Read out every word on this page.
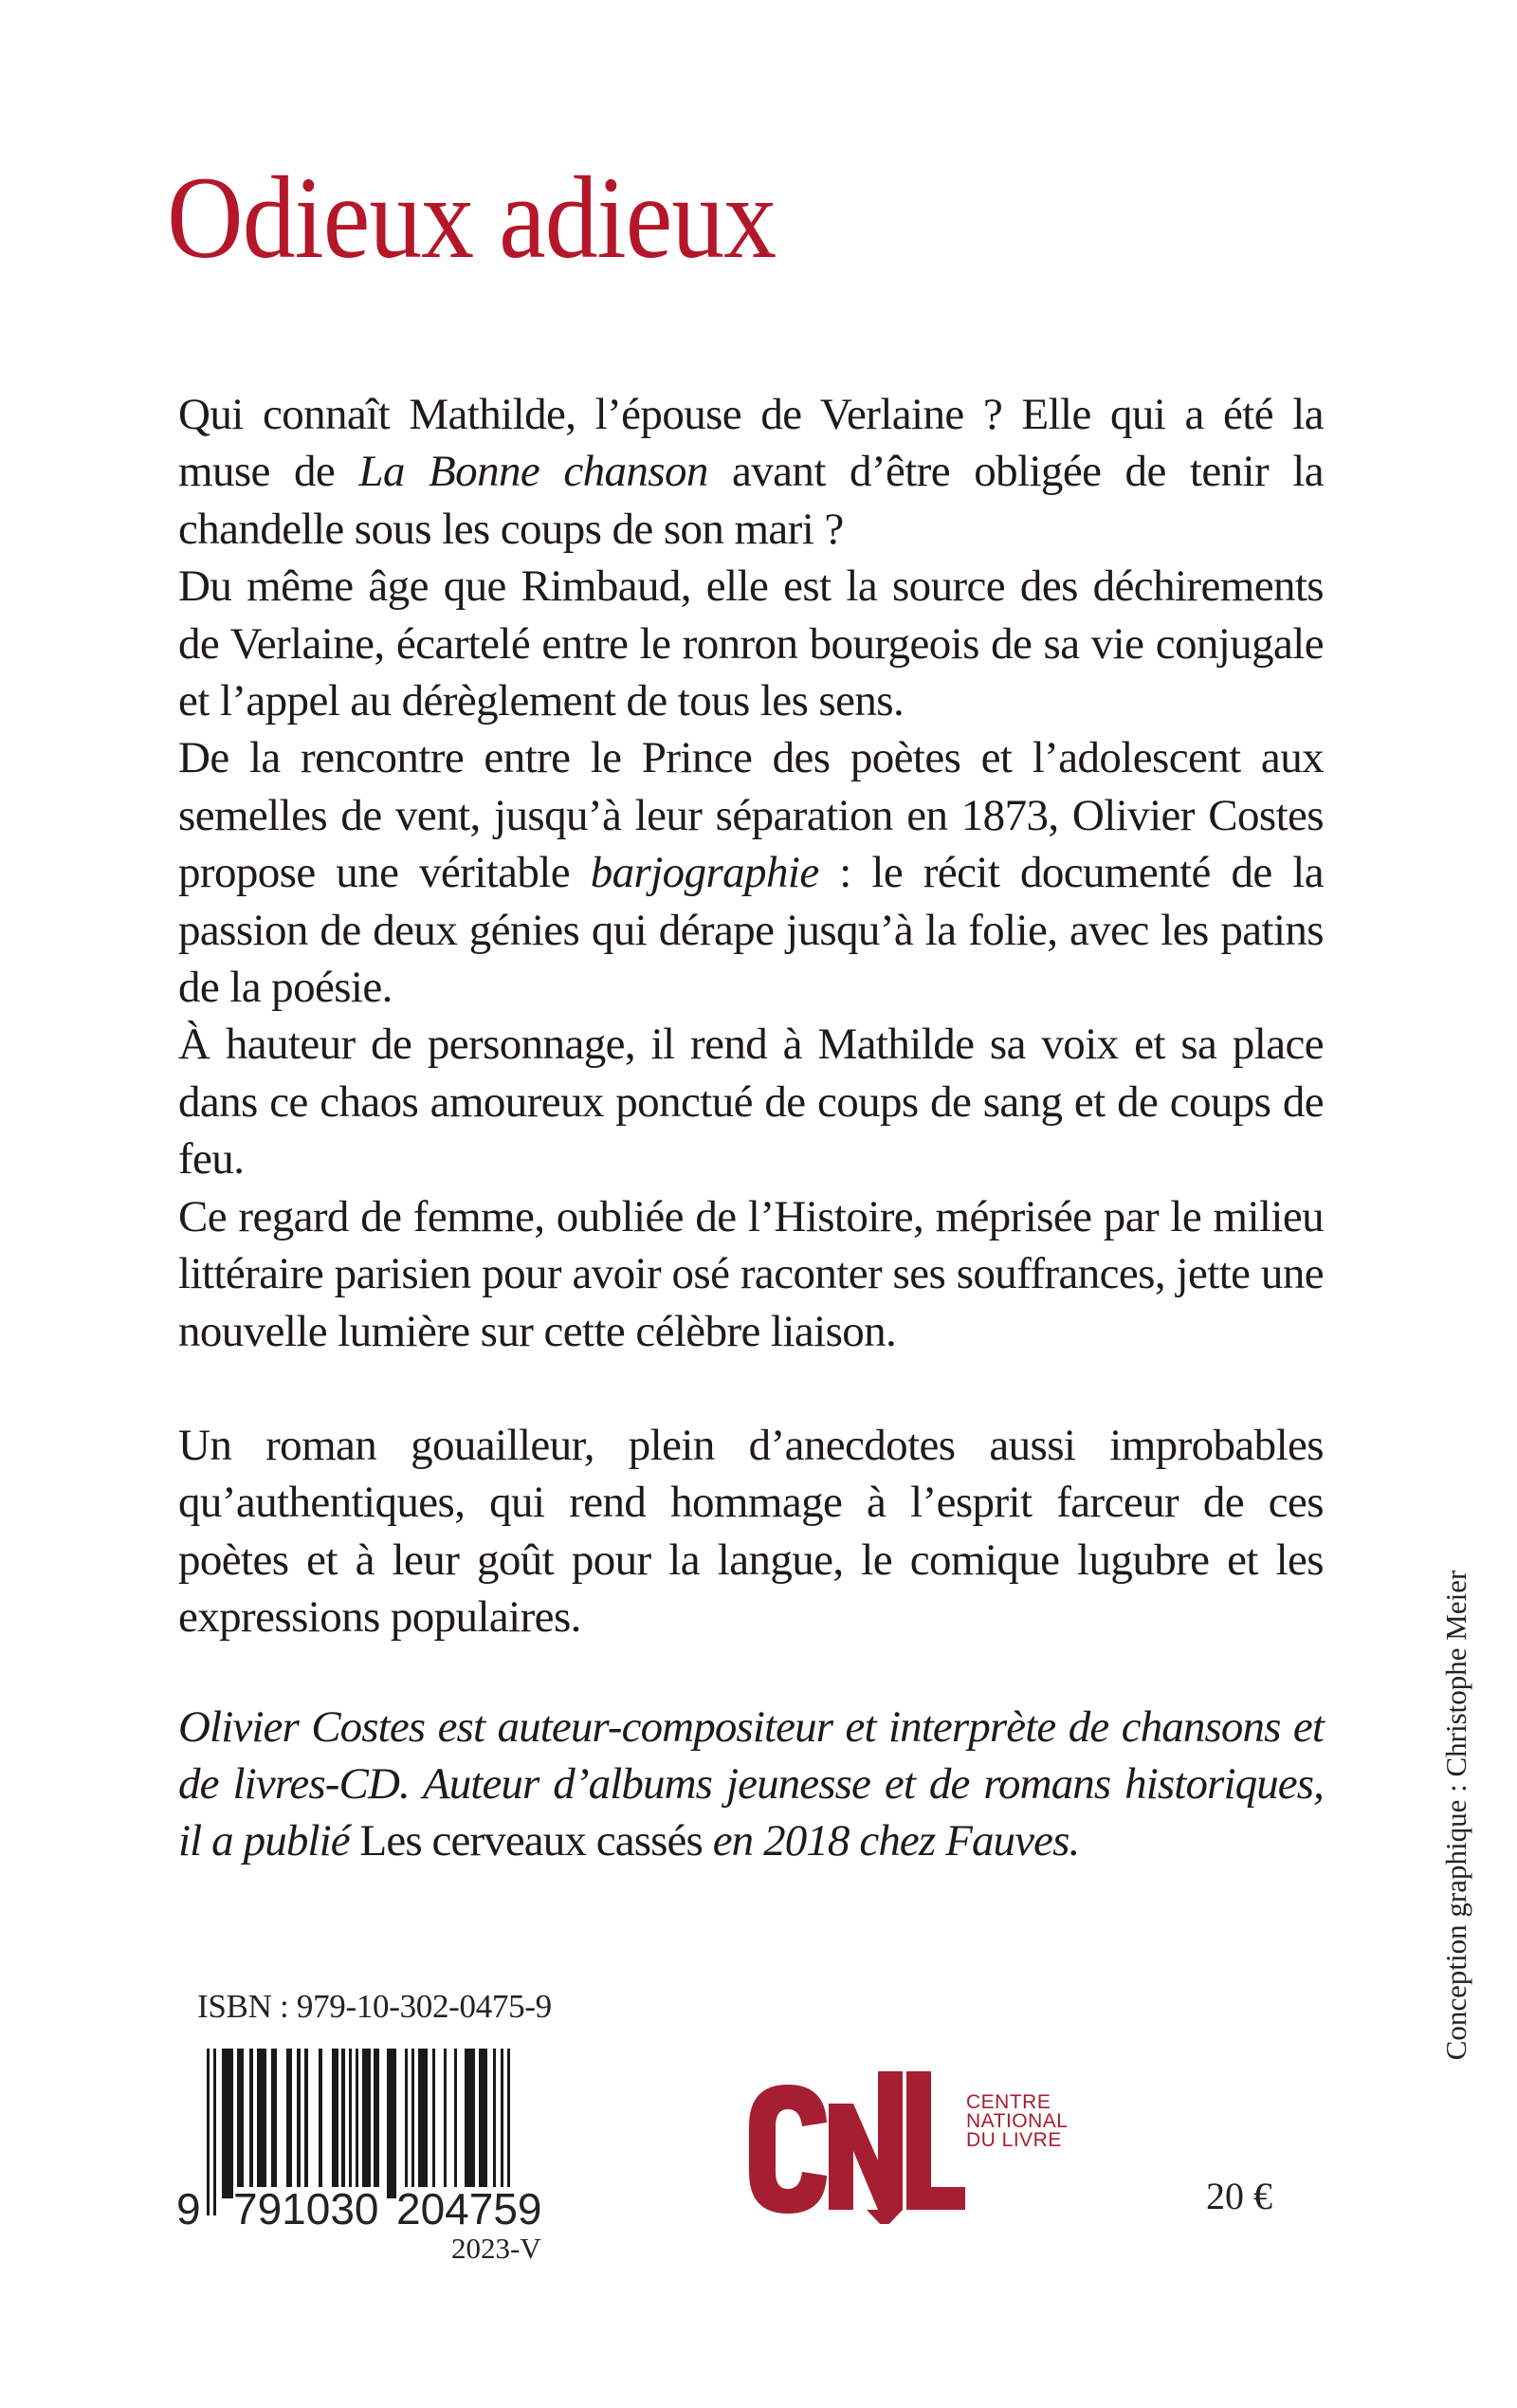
Odieux adieux

Qui connaît Mathilde, l’épouse de Verlaine ? Elle qui a été la muse de La Bonne chanson avant d’être obligée de tenir la chandelle sous les coups de son mari ?

Du même âge que Rimbaud, elle est la source des déchirements de Verlaine, écartelé entre le ronron bourgeois de sa vie conjugale et l’appel au dérèglement de tous les sens.

De la rencontre entre le Prince des poètes et l’adolescent aux semelles de vent, jusqu’à leur séparation en 1873, Olivier Costes propose une véritable barjographie : le récit documenté de la passion de deux génies qui dérape jusqu’à la folie, avec les patins de la poésie.

À hauteur de personnage, il rend à Mathilde sa voix et sa place dans ce chaos amoureux ponctué de coups de sang et de coups de feu.

Ce regard de femme, oubliée de l’Histoire, méprisée par le milieu littéraire parisien pour avoir osé raconter ses souffrances, jette une nouvelle lumière sur cette célèbre liaison.

Un roman gouailleur, plein d’anecdotes aussi improbables qu’authentiques, qui rend hommage à l’esprit farceur de ces poètes et à leur goût pour la langue, le comique lugubre et les expressions populaires.

Olivier Costes est auteur-compositeur et interprète de chansons et de livres-CD. Auteur d’albums jeunesse et de romans historiques, il a publié Les cerveaux cassés en 2018 chez Fauves.	Conception graphique : Christophe Meier
ISBN : 979-10-302-0475-9
9 791030 204759
2023-V
CENTRE
NATIONAL
DU LIVRE
20 €
